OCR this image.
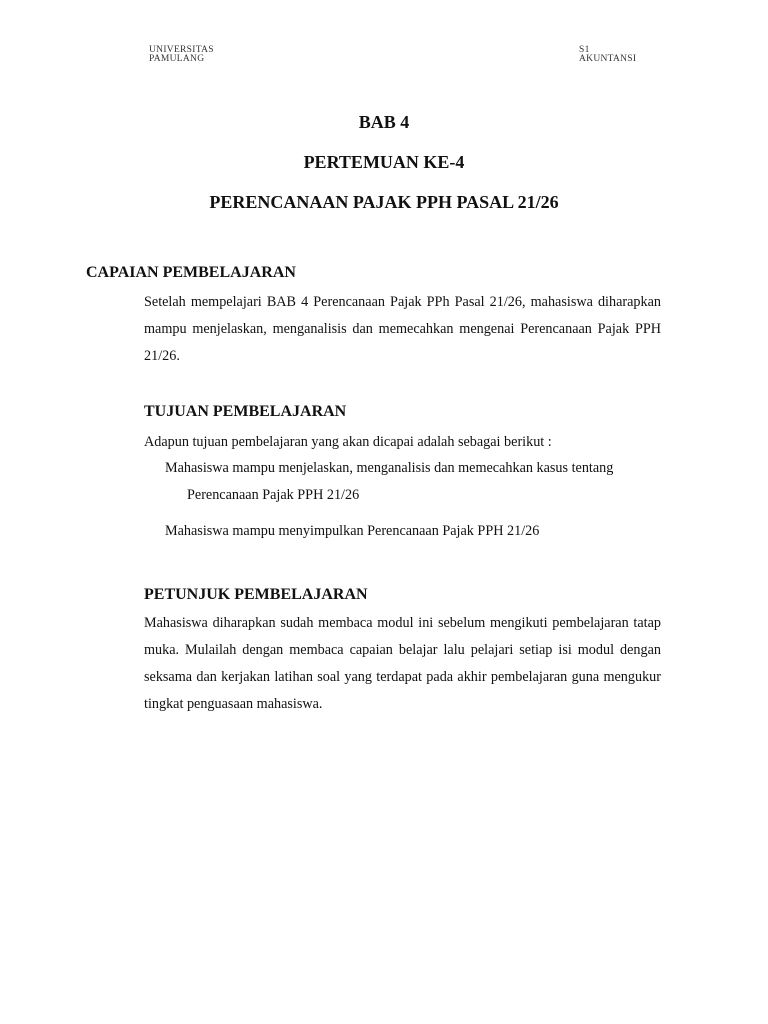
UNIVERSITAS
PAMULANG
S1
AKUNTANSI
BAB 4
PERTEMUAN KE-4
PERENCANAAN PAJAK PPH PASAL 21/26
CAPAIAN PEMBELAJARAN
Setelah mempelajari BAB 4 Perencanaan Pajak PPh Pasal 21/26, mahasiswa diharapkan mampu menjelaskan, menganalisis dan memecahkan mengenai Perencanaan Pajak PPH 21/26.
TUJUAN PEMBELAJARAN
Adapun tujuan pembelajaran yang akan dicapai adalah sebagai berikut :
Mahasiswa mampu menjelaskan, menganalisis dan memecahkan kasus tentang
Perencanaan Pajak PPH 21/26
Mahasiswa mampu menyimpulkan Perencanaan Pajak PPH 21/26
PETUNJUK PEMBELAJARAN
Mahasiswa diharapkan sudah membaca modul ini sebelum mengikuti pembelajaran tatap muka. Mulailah dengan membaca capaian belajar lalu pelajari setiap isi modul dengan seksama dan kerjakan latihan soal yang terdapat pada akhir pembelajaran guna mengukur tingkat penguasaan mahasiswa.
